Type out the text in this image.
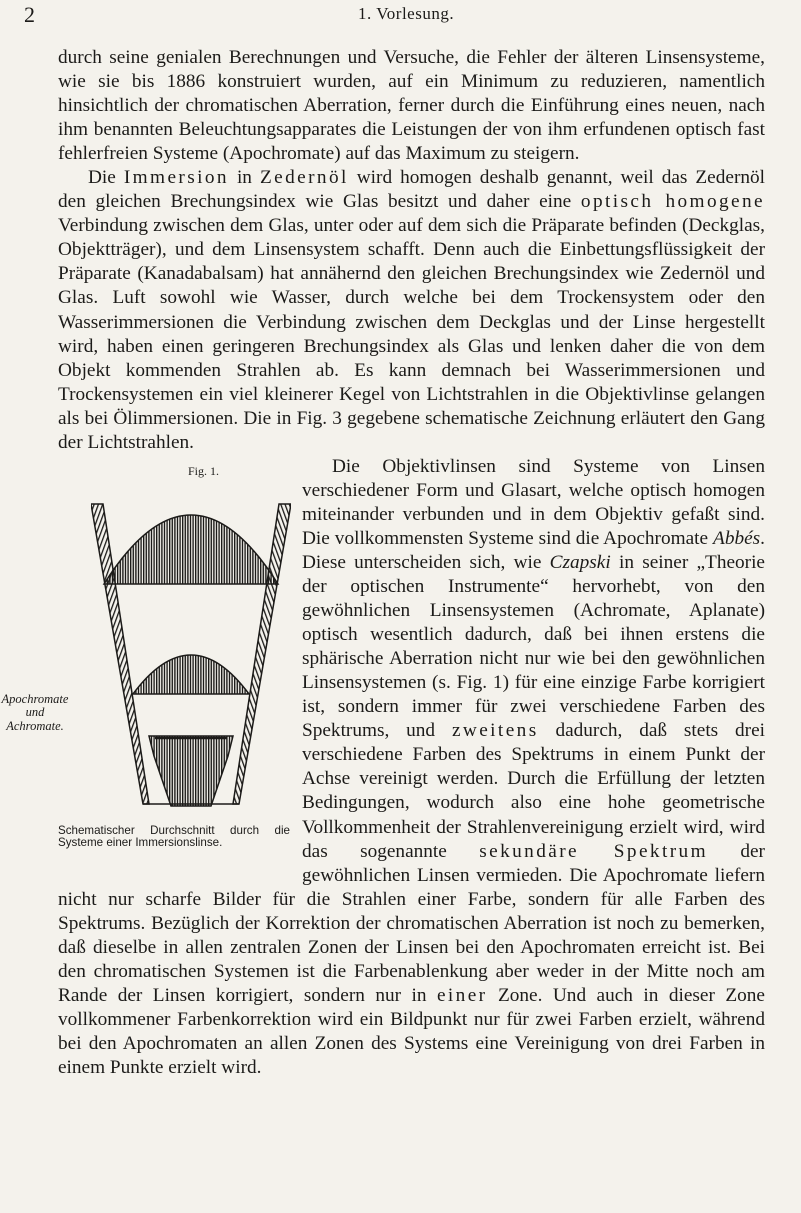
2	1. Vorlesung.

durch seine genialen Berechnungen und Versuche, die Fehler der älteren Linsensysteme, wie sie bis 1886 konstruiert wurden, auf ein Minimum zu reduzieren, namentlich hinsichtlich der chromatischen Aberration, ferner durch die Einführung eines neuen, nach ihm benannten Beleuchtungsapparates die Leistungen der von ihm erfundenen optisch fast fehlerfreien Systeme (Apochromate) auf das Maximum zu steigern.

Die Immersion in Zedernöl wird homogen deshalb genannt, weil das Zedernöl den gleichen Brechungsindex wie Glas besitzt und daher eine optisch homogene Verbindung zwischen dem Glas, unter oder auf dem sich die Präparate befinden (Deckglas, Objektträger), und dem Linsensystem schafft. Denn auch die Einbettungsflüssigkeit der Präparate (Kanadabalsam) hat annähernd den gleichen Brechungsindex wie Zedernöl und Glas. Luft sowohl wie Wasser, durch welche bei dem Trockensystem oder den Wasserimmersionen die Verbindung zwischen dem Deckglas und der Linse hergestellt wird, haben einen geringeren Brechungsindex als Glas und lenken daher die von dem Objekt kommenden Strahlen ab. Es kann demnach bei Wasserimmersionen und Trockensystemen ein viel kleinerer Kegel von Lichtstrahlen in die Objektivlinse gelangen als bei Ölimmersionen. Die in Fig. 3 gegebene schematische Zeichnung erläutert den Gang der Lichtstrahlen.

Fig. 1.
Schematischer Durchschnitt durch die Systeme einer Immersionslinse.
Apochromate
und
Achromate.

Die Objektivlinsen sind Systeme von Linsen verschiedener Form und Glasart, welche optisch homogen miteinander verbunden und in dem Objektiv gefaßt sind. Die vollkommensten Systeme sind die Apochromate Abbés. Diese unterscheiden sich, wie Czapski in seiner „Theorie der optischen Instrumente“ hervorhebt, von den gewöhnlichen Linsensystemen (Achromate, Aplanate) optisch wesentlich dadurch, daß bei ihnen erstens die sphärische Aberration nicht nur wie bei den gewöhnlichen Linsensystemen (s. Fig. 1) für eine einzige Farbe korrigiert ist, sondern immer für zwei verschiedene Farben des Spektrums, und zweitens dadurch, daß stets drei verschiedene Farben des Spektrums in einem Punkt der Achse vereinigt werden. Durch die Erfüllung der letzten Bedingungen, wodurch also eine hohe geometrische Vollkommenheit der Strahlenvereinigung erzielt wird, wird das sogenannte sekundäre Spektrum der gewöhnlichen Linsen vermieden. Die Apochromate liefern nicht nur scharfe Bilder für die Strahlen einer Farbe, sondern für alle Farben des Spektrums. Bezüglich der Korrektion der chromatischen Aberration ist noch zu bemerken, daß dieselbe in allen zentralen Zonen der Linsen bei den Apochromaten erreicht ist. Bei den chromatischen Systemen ist die Farbenablenkung aber weder in der Mitte noch am Rande der Linsen korrigiert, sondern nur in einer Zone. Und auch in dieser Zone vollkommener Farbenkorrektion wird ein Bildpunkt nur für zwei Farben erzielt, während bei den Apochromaten an allen Zonen des Systems eine Vereinigung von drei Farben in einem Punkte erzielt wird.
